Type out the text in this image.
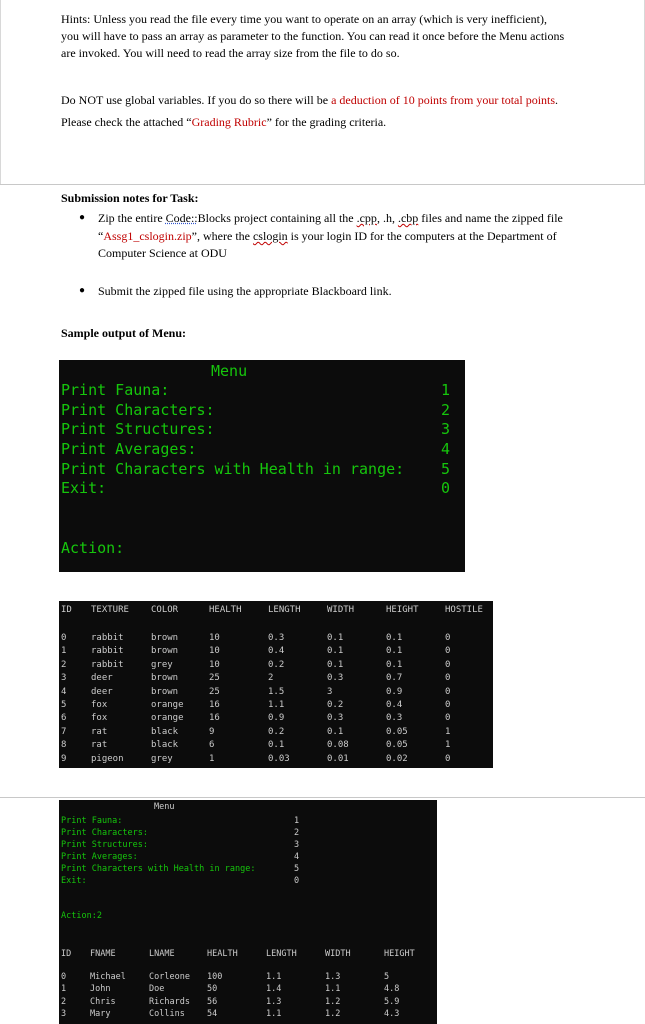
Hints: Unless you read the file every time you want to operate on an array (which is very inefficient),
you will have to pass an array as parameter to the function. You can read it once before the Menu actions
are invoked. You will need to read the array size from the file to do so.
Do NOT use global variables. If you do so there will be a deduction of 10 points from your total points.
Please check the attached “Grading Rubric” for the grading criteria.
Submission notes for Task:
● Zip the entire Code::Blocks project containing all the .cpp, .h, .cbp files and name the zipped file
“Assg1_cslogin.zip”, where the cslogin is your login ID for the computers at the Department of
Computer Science at ODU
● Submit the zipped file using the appropriate Blackboard link.
Sample output of Menu:
Menu
Print Fauna:	1
Print Characters:	2
Print Structures:	3
Print Averages:	4
Print Characters with Health in range: 5
Exit:	0
Action:
ID TEXTURE COLOR	HEALTH	LENGTH	WIDTH	HEIGHT	HOSTILE
0	rabbit	brown	10	0.3	0.1	0.1	0
1	rabbit	brown	10	0.4	0.1	0.1	0
2	rabbit	grey	10	0.2	0.1	0.1	0
3	deer	brown	25	2	0.3	0.7	0
4	deer	brown	25	1.5	3	0.9	0
5	fox	orange	16	1.1	0.2	0.4	0
6	fox	orange	16	0.9	0.3	0.3	0
7	rat	black	9	0.2	0.1	0.05	1
8	rat	black	6	0.1	0.08	0.05	1
9	pigeon	grey	1	0.03	0.01	0.02	0
Menu
Print Fauna:	1
Print Characters:	2
Print Structures:	3
Print Averages:	4
Print Characters with Health in range:	5
Exit:	0
Action:2
ID FNAME	LNAME	HEALTH	LENGTH	WIDTH	HEIGHT
0	Michael	Corleone 100	1.1	1.3	5
1	John	Doe	50	1.4	1.1	4.8
2	Chris	Richards 56	1.3	1.2	5.9
3	Mary	Collins	54	1.1	1.2	4.3
